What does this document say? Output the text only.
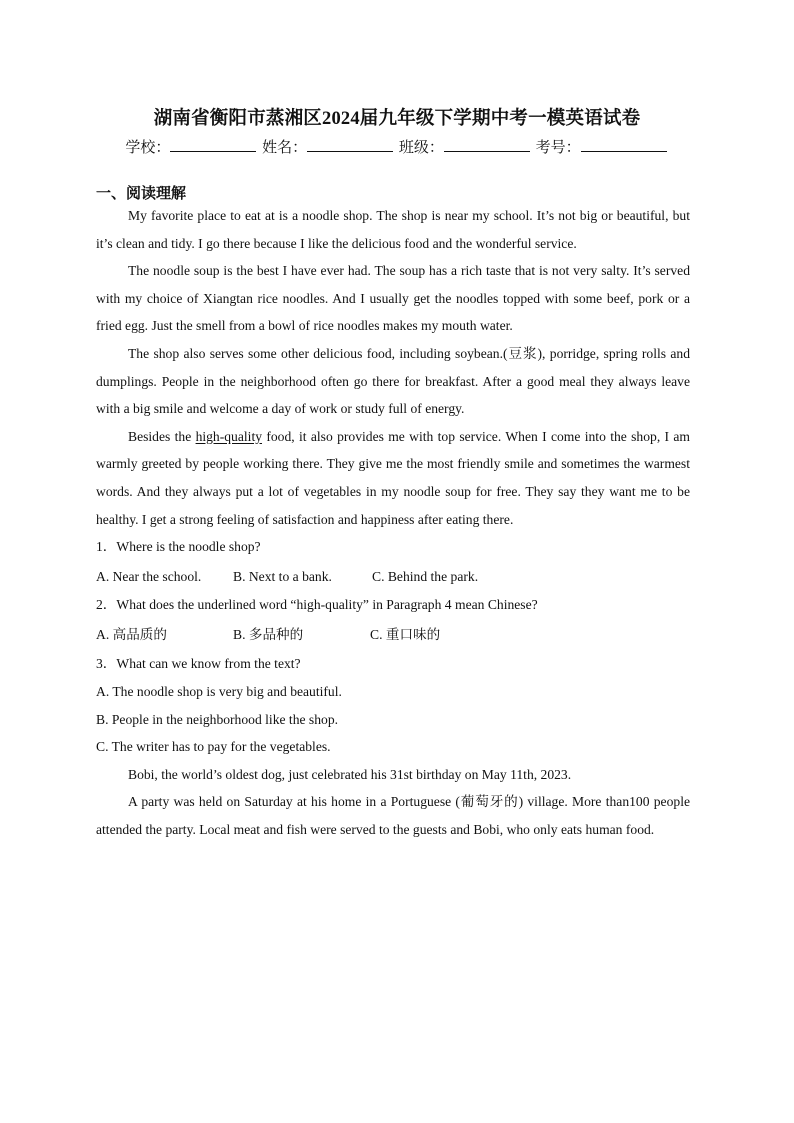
湖南省衡阳市蒸湘区2024届九年级下学期中考一模英语试卷
学校：	姓名：	班级：	考号：
一、阅读理解

My favorite place to eat at is a noodle shop. The shop is near my school. It’s not big or beautiful, but it’s clean and tidy. I go there because I like the delicious food and the wonderful service.

The noodle soup is the best I have ever had. The soup has a rich taste that is not very salty. It’s served with my choice of Xiangtan rice noodles. And I usually get the noodles topped with some beef, pork or a fried egg. Just the smell from a bowl of rice noodles makes my mouth water.

The shop also serves some other delicious food, including soybean.(豆浆), porridge, spring rolls and dumplings. People in the neighborhood often go there for breakfast. After a good meal they always leave with a big smile and welcome a day of work or study full of energy.

Besides the high-quality food, it also provides me with top service. When I come into the shop, I am warmly greeted by people working there. They give me the most friendly smile and sometimes the warmest words. And they always put a lot of vegetables in my noodle soup for free. They say they want me to be healthy. I get a strong feeling of satisfaction and happiness after eating there.

1．Where is the noodle shop?
A. Near the school.	B. Next to a bank.	C. Behind the park.
2．What does the underlined word “high-quality” in Paragraph 4 mean Chinese?
A. 高品质的	B. 多品种的	C. 重口味的
3．What can we know from the text?
A. The noodle shop is very big and beautiful.
B. People in the neighborhood like the shop.
C. The writer has to pay for the vegetables.

Bobi, the world’s oldest dog, just celebrated his 31st birthday on May 11th, 2023.

A party was held on Saturday at his home in a Portuguese (葡萄牙的) village. More than100 people attended the party. Local meat and fish were served to the guests and Bobi, who only eats human food.
